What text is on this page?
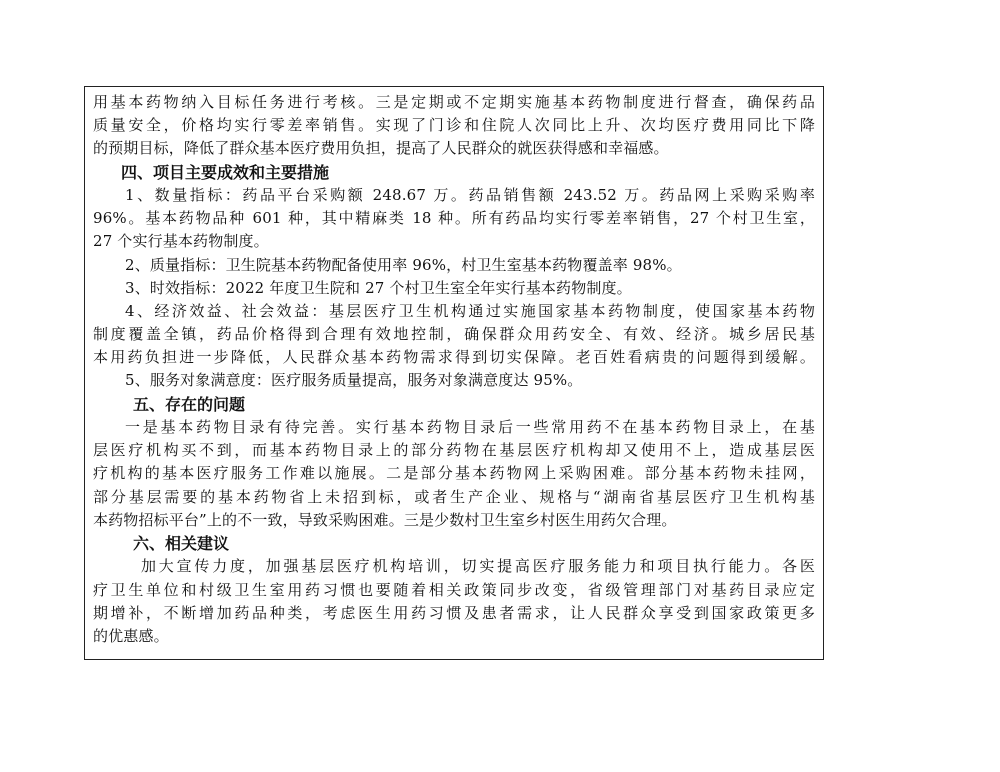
用基本药物纳入目标任务进行考核。三是定期或不定期实施基本药物制度进行督查，确保药品
质量安全，价格均实行零差率销售。实现了门诊和住院人次同比上升、次均医疗费用同比下降
的预期目标，降低了群众基本医疗费用负担，提高了人民群众的就医获得感和幸福感。
四、项目主要成效和主要措施
1、数量指标：药品平台采购额 248.67 万。药品销售额 243.52 万。药品网上采购采购率
96%。基本药物品种 601 种，其中精麻类 18 种。所有药品均实行零差率销售，27 个村卫生室，
27 个实行基本药物制度。
2、质量指标：卫生院基本药物配备使用率 96%，村卫生室基本药物覆盖率 98%。
3、时效指标：2022 年度卫生院和 27 个村卫生室全年实行基本药物制度。
4、经济效益、社会效益：基层医疗卫生机构通过实施国家基本药物制度，使国家基本药物
制度覆盖全镇，药品价格得到合理有效地控制，确保群众用药安全、有效、经济。城乡居民基
本用药负担进一步降低，人民群众基本药物需求得到切实保障。老百姓看病贵的问题得到缓解。
5、服务对象满意度：医疗服务质量提高，服务对象满意度达 95%。
五、存在的问题
一是基本药物目录有待完善。实行基本药物目录后一些常用药不在基本药物目录上，在基
层医疗机构买不到，而基本药物目录上的部分药物在基层医疗机构却又使用不上，造成基层医
疗机构的基本医疗服务工作难以施展。二是部分基本药物网上采购困难。部分基本药物未挂网，
部分基层需要的基本药物省上未招到标，或者生产企业、规格与“湖南省基层医疗卫生机构基
本药物招标平台”上的不一致，导致采购困难。三是少数村卫生室乡村医生用药欠合理。
六、相关建议
加大宣传力度，加强基层医疗机构培训，切实提高医疗服务能力和项目执行能力。各医
疗卫生单位和村级卫生室用药习惯也要随着相关政策同步改变，省级管理部门对基药目录应定
期增补，不断增加药品种类，考虑医生用药习惯及患者需求，让人民群众享受到国家政策更多
的优惠感。
